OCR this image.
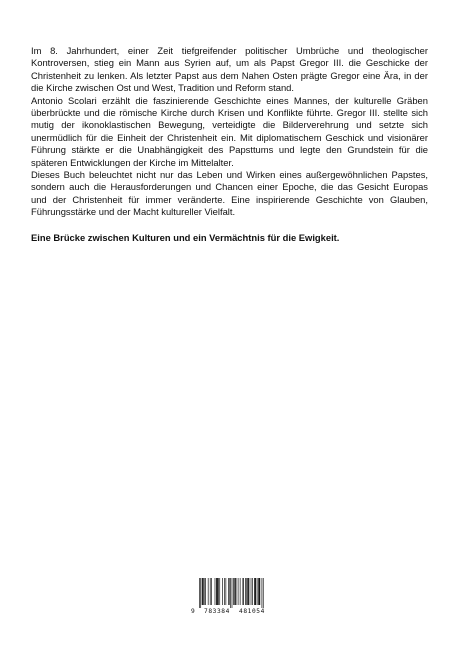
Im 8. Jahrhundert, einer Zeit tiefgreifender politischer Umbrüche und theologischer Kontroversen, stieg ein Mann aus Syrien auf, um als Papst Gregor III. die Geschicke der Christenheit zu lenken. Als letzter Papst aus dem Nahen Osten prägte Gregor eine Ära, in der die Kirche zwischen Ost und West, Tradition und Reform stand.

Antonio Scolari erzählt die faszinierende Geschichte eines Mannes, der kulturelle Gräben überbrückte und die römische Kirche durch Krisen und Konflikte führte. Gregor III. stellte sich mutig der ikonoklastischen Bewegung, verteidigte die Bilderverehrung und setzte sich unermüdlich für die Einheit der Christenheit ein. Mit diplomatischem Geschick und visionärer Führung stärkte er die Unabhängigkeit des Papsttums und legte den Grundstein für die späteren Entwicklungen der Kirche im Mittelalter.

Dieses Buch beleuchtet nicht nur das Leben und Wirken eines außergewöhnlichen Papstes, sondern auch die Herausforderungen und Chancen einer Epoche, die das Gesicht Europas und der Christenheit für immer veränderte. Eine inspirierende Geschichte von Glauben, Führungsstärke und der Macht kultureller Vielfalt.

Eine Brücke zwischen Kulturen und ein Vermächtnis für die Ewigkeit.

9 783384 481054
